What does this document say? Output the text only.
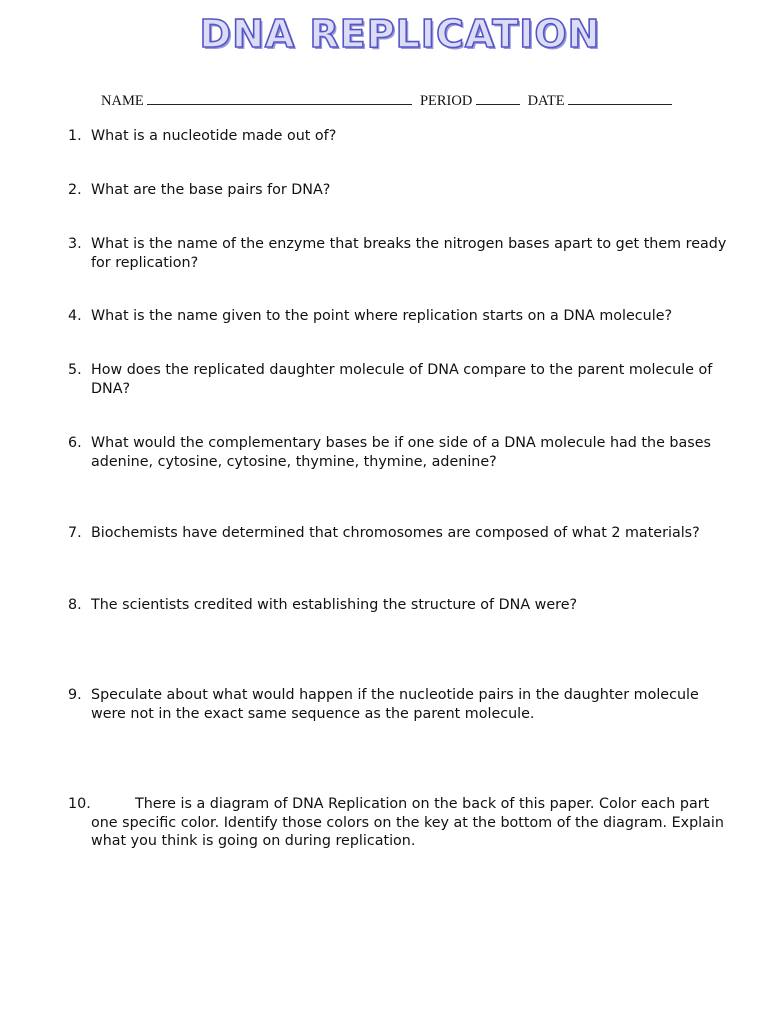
DNA REPLICATION
NAME	PERIOD	DATE
1. What is a nucleotide made out of?
2. What are the base pairs for DNA?
3. What is the name of the enzyme that breaks the nitrogen bases apart to get them ready for replication?
4. What is the name given to the point where replication starts on a DNA molecule?
5. How does the replicated daughter molecule of DNA compare to the parent molecule of DNA?
6. What would the complementary bases be if one side of a DNA molecule had the bases adenine, cytosine, cytosine, thymine, thymine, adenine?
7. Biochemists have determined that chromosomes are composed of what 2 materials?
8. The scientists credited with establishing the structure of DNA were?
9. Speculate about what would happen if the nucleotide pairs in the daughter molecule were not in the exact same sequence as the parent molecule.
10.	There is a diagram of DNA Replication on the back of this paper. Color each part one specific color. Identify those colors on the key at the bottom of the diagram. Explain what you think is going on during replication.
